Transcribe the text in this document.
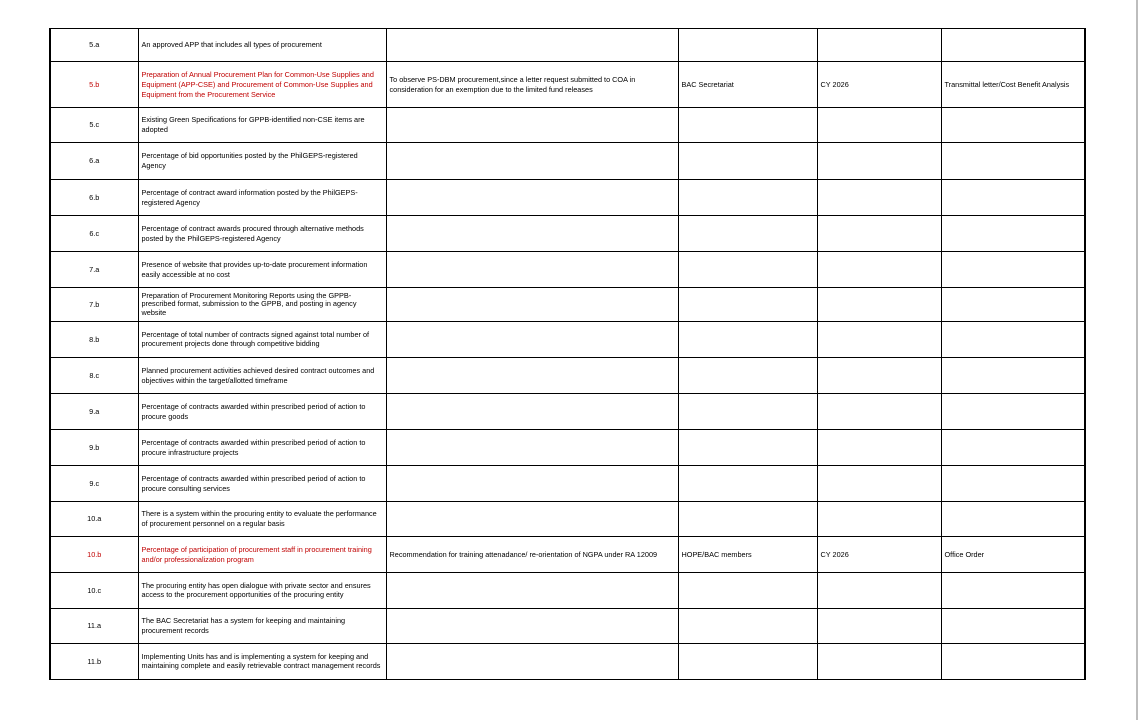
5.a	An approved APP that includes all types of procurement				
5.b	Preparation of Annual Procurement Plan for Common-Use Supplies and Equipment (APP-CSE) and Procurement of Common-Use Supplies and Equipment from the Procurement Service	To observe PS-DBM procurement,since a letter request submitted to COA in consideration for an exemption due to the limited fund releases	BAC Secretariat	CY 2026	Transmittal letter/Cost Benefit Analysis
5.c	Existing Green Specifications for GPPB-identified non-CSE items are adopted				
6.a	Percentage of bid opportunities posted by the PhilGEPS-registered Agency				
6.b	Percentage of contract award information posted by the PhilGEPS-registered Agency				
6.c	Percentage of contract awards procured through alternative methods posted by the PhilGEPS-registered Agency				
7.a	Presence of website that provides up-to-date procurement information easily accessible at no cost				
7.b	Preparation of Procurement Monitoring Reports using the GPPB-prescribed format, submission to the GPPB, and posting in agency website				
8.b	Percentage of total number of contracts signed against total number of procurement projects done through competitive bidding				
8.c	Planned procurement activities achieved desired contract outcomes and objectives within the target/allotted timeframe				
9.a	Percentage of contracts awarded within prescribed period of action to procure goods				
9.b	Percentage of contracts awarded within prescribed period of action to procure infrastructure projects				
9.c	Percentage of contracts awarded within prescribed period of action to procure consulting services				
10.a	There is a system within the procuring entity to evaluate the performance of procurement personnel on a regular basis				
10.b	Percentage of participation of procurement staff in procurement training and/or professionalization program	Recommendation for training attenadance/ re-orientation of NGPA under RA 12009	HOPE/BAC members	CY 2026	Office Order
10.c	The procuring entity has open dialogue with private sector and ensures access to the procurement opportunities of the procuring entity				
11.a	The BAC Secretariat has a system for keeping and maintaining procurement records				
11.b	Implementing Units has and is implementing a system for keeping and maintaining complete and easily retrievable contract management records				
